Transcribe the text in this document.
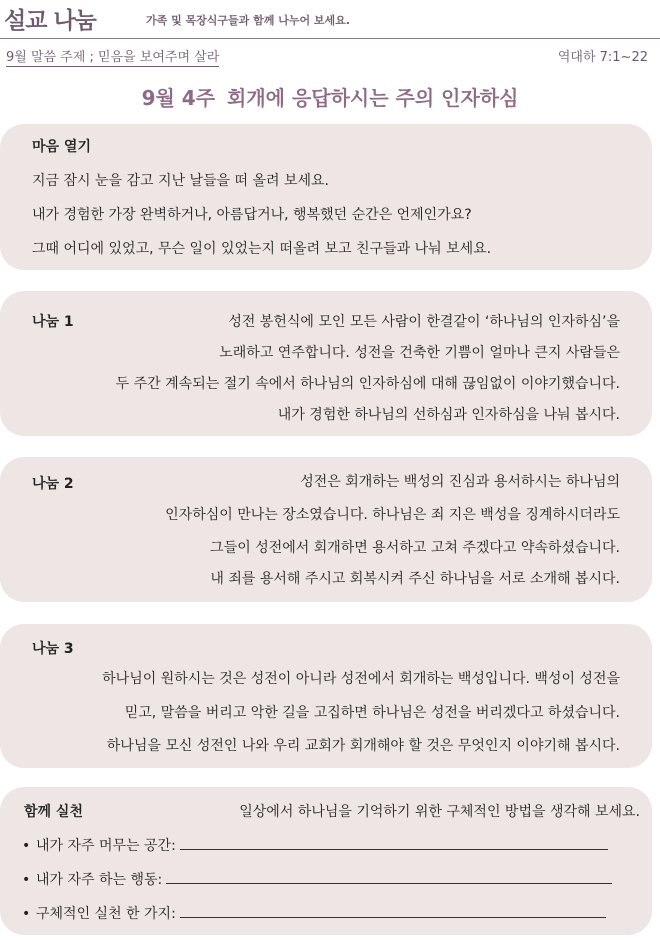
설교 나눔	가족 및 목장식구들과 함께 나누어 보세요.
9월 말씀 주제 ; 믿음을 보여주며 살라	역대하 7:1~22
9월 4주 회개에 응답하시는 주의 인자하심
마음 열기
지금 잠시 눈을 감고 지난 날들을 떠 올려 보세요.
내가 경험한 가장 완벽하거나, 아름답거나, 행복했던 순간은 언제인가요?
그때 어디에 있었고, 무슨 일이 있었는지 떠올려 보고 친구들과 나눠 보세요.
나눔 1	성전 봉헌식에 모인 모든 사람이 한결같이 ‘하나님의 인자하심’을
노래하고 연주합니다. 성전을 건축한 기쁨이 얼마나 큰지 사람들은
두 주간 계속되는 절기 속에서 하나님의 인자하심에 대해 끊임없이 이야기했습니다.
내가 경험한 하나님의 선하심과 인자하심을 나눠 봅시다.
나눔 2	성전은 회개하는 백성의 진심과 용서하시는 하나님의
인자하심이 만나는 장소였습니다. 하나님은 죄 지은 백성을 징계하시더라도
그들이 성전에서 회개하면 용서하고 고쳐 주겠다고 약속하셨습니다.
내 죄를 용서해 주시고 회복시켜 주신 하나님을 서로 소개해 봅시다.
나눔 3
하나님이 원하시는 것은 성전이 아니라 성전에서 회개하는 백성입니다. 백성이 성전을
믿고, 말씀을 버리고 악한 길을 고집하면 하나님은 성전을 버리겠다고 하셨습니다.
하나님을 모신 성전인 나와 우리 교회가 회개해야 할 것은 무엇인지 이야기해 봅시다.
함께 실천	일상에서 하나님을 기억하기 위한 구체적인 방법을 생각해 보세요.
• 내가 자주 머무는 공간:
• 내가 자주 하는 행동:
• 구체적인 실천 한 가지:
